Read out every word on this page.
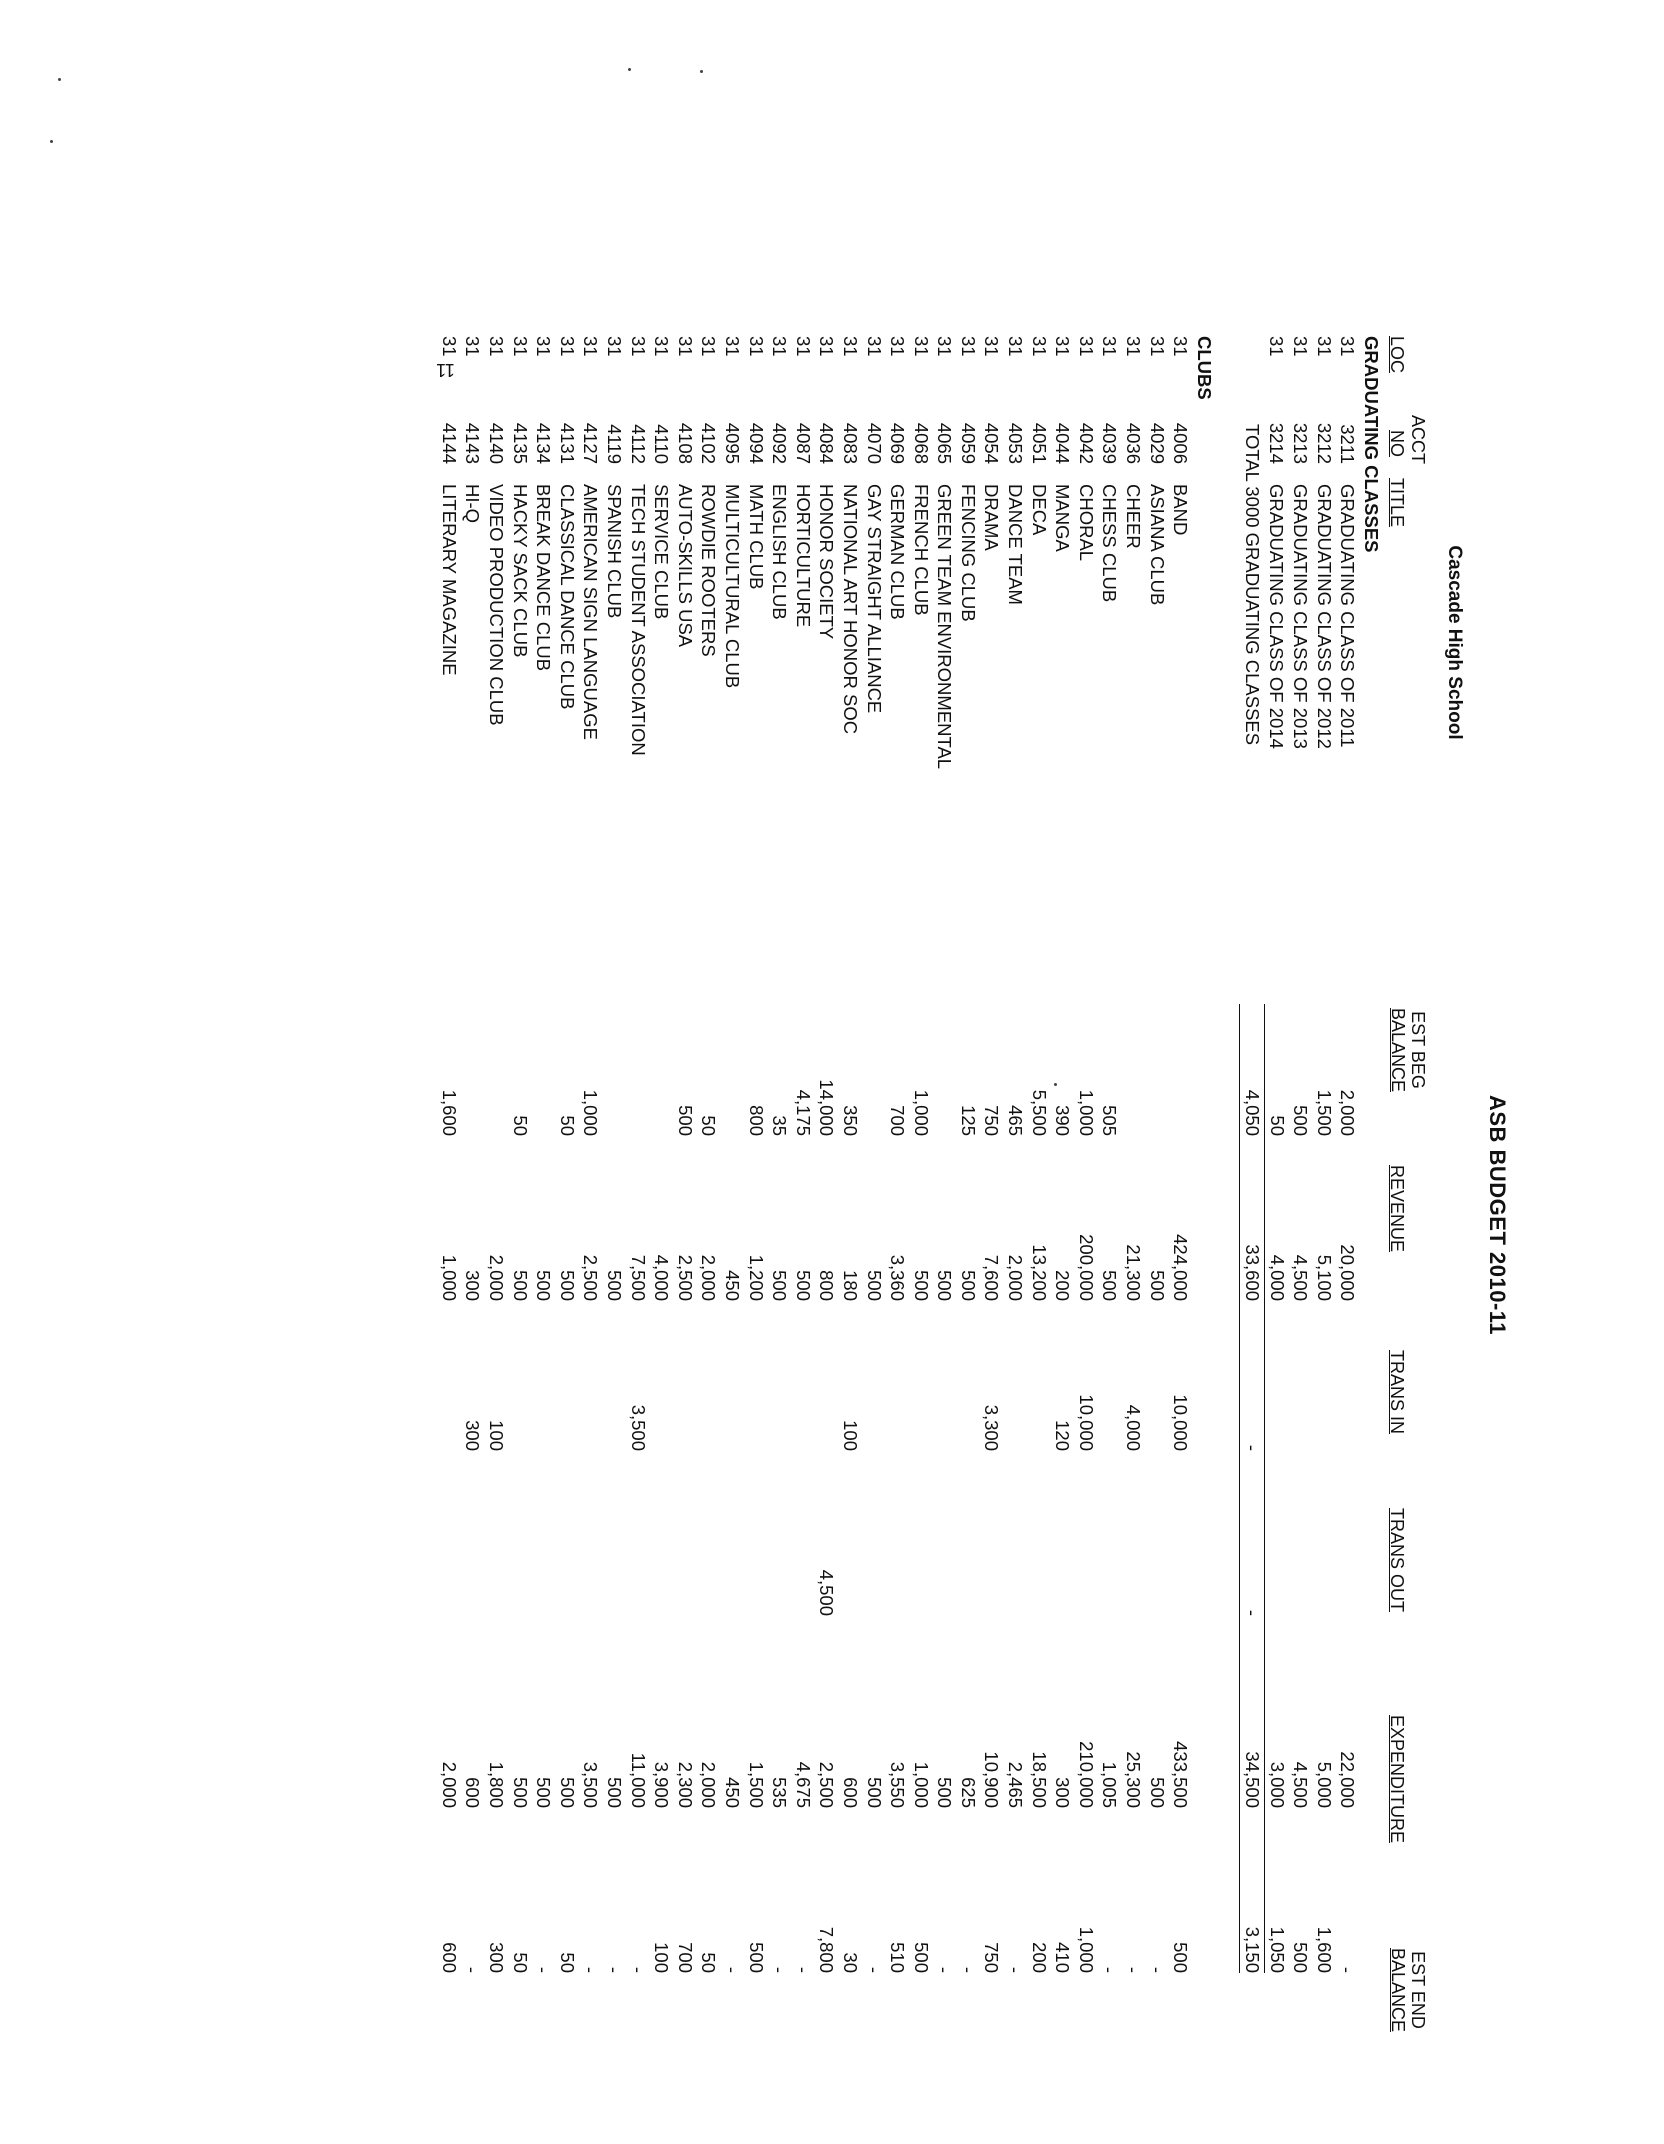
ASB BUDGET 2010-11
Cascade High School
ACCT
LOC
NO
TITLE
EST BEG
BALANCE
REVENUE
TRANS IN
TRANS OUT
EXPENDITURE
EST END
BALANCE
GRADUATING CLASSES
31	3211	GRADUATING CLASS OF 2011	2,000	20,000			22,000	-
31	3212	GRADUATING CLASS OF 2012	1,500	5,100			5,000	1,600
31	3213	GRADUATING CLASS OF 2013	500	4,500			4,500	500
31	3214	GRADUATING CLASS OF 2014	50	4,000			3,000	1,050
		TOTAL 3000 GRADUATING CLASSES	4,050	33,600	-	-	34,500	3,150

CLUBS
31	4006	BAND		424,000	10,000		433,500	500
31	4029	ASIANA CLUB		500			500	-
31	4036	CHEER		21,300	4,000		25,300	-
31	4039	CHESS CLUB	505	500			1,005	-
31	4042	CHORAL	1,000	200,000	10,000		210,000	1,000
31	4044	MANGA	390	200	120		300	410
31	4051	DECA	5,500	13,200			18,500	200
31	4053	DANCE TEAM	465	2,000			2,465	-
31	4054	DRAMA	750	7,600	3,300		10,900	750
31	4059	FENCING CLUB	125	500			625	-
31	4065	GREEN TEAM ENVIRONMENTAL		500			500	-
31	4068	FRENCH CLUB	1,000	500			1,000	500
31	4069	GERMAN CLUB	700	3,360			3,550	510
31	4070	GAY STRAIGHT ALLIANCE		500			500	-
31	4083	NATIONAL ART HONOR SOC	350	180	100		600	30
31	4084	HONOR SOCIETY	14,000	800		4,500	2,500	7,800
31	4087	HORTICULTURE	4,175	500			4,675	-
31	4092	ENGLISH CLUB	35	500			535	-
31	4094	MATH CLUB	800	1,200			1,500	500
31	4095	MULTICULTURAL CLUB		450			450	-
31	4102	ROWDIE ROOTERS	50	2,000			2,000	50
31	4108	AUTO-SKILLS USA	500	2,500			2,300	700
31	4110	SERVICE CLUB		4,000			3,900	100
31	4112	TECH STUDENT ASSOCIATION		7,500	3,500		11,000	-
31	4119	SPANISH CLUB		500			500	-
31	4127	AMERICAN SIGN LANGUAGE	1,000	2,500			3,500	-
31	4131	CLASSICAL DANCE CLUB	50	500			500	50
31	4134	BREAK DANCE CLUB		500			500	-
31	4135	HACKY SACK CLUB	50	500			500	50
31	4140	VIDEO PRODUCTION CLUB		2,000	100		1,800	300
31	4143	HI-Q		300	300		600	-
31	4144	LITERARY MAGAZINE	1,600	1,000			2,000	600
11
